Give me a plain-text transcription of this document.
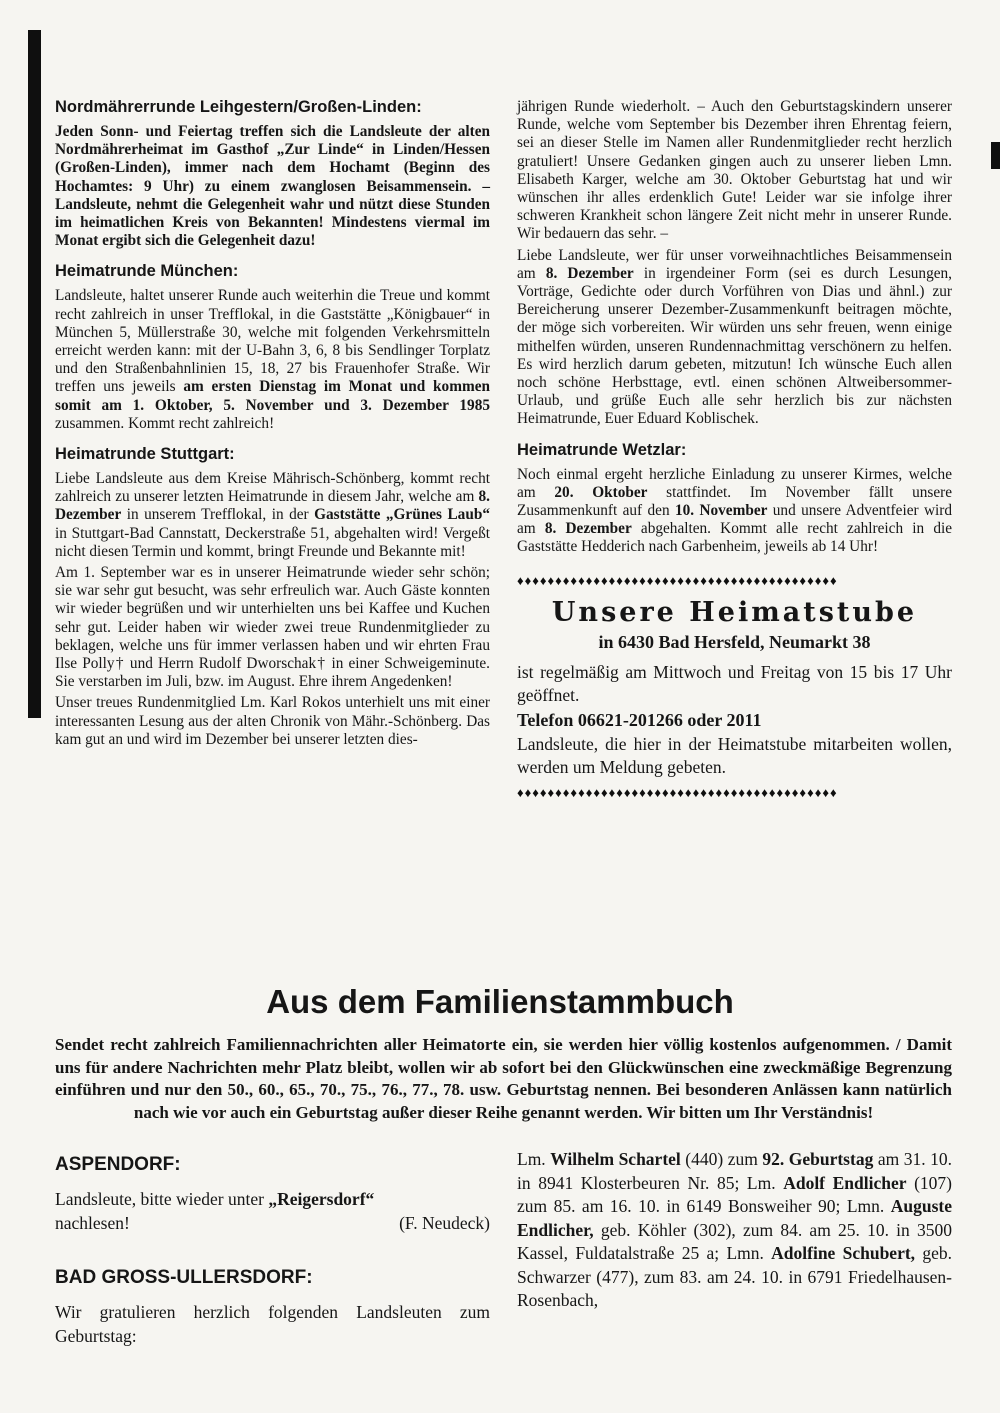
Nordmährerrunde Leihgestern/Großen-Linden:

Jeden Sonn- und Feiertag treffen sich die Landsleute der alten Nordmährerheimat im Gasthof „Zur Linde“ in Linden/Hessen (Großen-Linden), immer nach dem Hochamt (Beginn des Hochamtes: 9 Uhr) zu einem zwanglosen Beisammensein. – Landsleute, nehmt die Gelegenheit wahr und nützt diese Stunden im heimatlichen Kreis von Bekannten! Mindestens viermal im Monat ergibt sich die Gelegenheit dazu!

Heimatrunde München:

Landsleute, haltet unserer Runde auch weiterhin die Treue und kommt recht zahlreich in unser Trefflokal, in die Gaststätte „Königbauer“ in München 5, Müllerstraße 30, welche mit folgenden Verkehrsmitteln erreicht werden kann: mit der U-Bahn 3, 6, 8 bis Sendlinger Torplatz und den Straßenbahnlinien 15, 18, 27 bis Frauenhofer Straße. Wir treffen uns jeweils am ersten Dienstag im Monat und kommen somit am 1. Oktober, 5. November und 3. Dezember 1985 zusammen. Kommt recht zahlreich!

Heimatrunde Stuttgart:

Liebe Landsleute aus dem Kreise Mährisch-Schönberg, kommt recht zahlreich zu unserer letzten Heimatrunde in diesem Jahr, welche am 8. Dezember in unserem Trefflokal, in der Gaststätte „Grünes Laub“ in Stuttgart-Bad Cannstatt, Deckerstraße 51, abgehalten wird! Vergeßt nicht diesen Termin und kommt, bringt Freunde und Bekannte mit!

Am 1. September war es in unserer Heimatrunde wieder sehr schön; sie war sehr gut besucht, was sehr erfreulich war. Auch Gäste konnten wir wieder begrüßen und wir unterhielten uns bei Kaffee und Kuchen sehr gut. Leider haben wir wieder zwei treue Rundenmitglieder zu beklagen, welche uns für immer verlassen haben und wir ehrten Frau Ilse Polly† und Herrn Rudolf Dworschak† in einer Schweigeminute. Sie verstarben im Juli, bzw. im August. Ehre ihrem Angedenken!

Unser treues Rundenmitglied Lm. Karl Rokos unterhielt uns mit einer interessanten Lesung aus der alten Chronik von Mähr.-Schönberg. Das kam gut an und wird im Dezember bei unserer letzten dies-

jährigen Runde wiederholt. – Auch den Geburtstagskindern unserer Runde, welche vom September bis Dezember ihren Ehrentag feiern, sei an dieser Stelle im Namen aller Rundenmitglieder recht herzlich gratuliert! Unsere Gedanken gingen auch zu unserer lieben Lmn. Elisabeth Karger, welche am 30. Oktober Geburtstag hat und wir wünschen ihr alles erdenklich Gute! Leider war sie infolge ihrer schweren Krankheit schon längere Zeit nicht mehr in unserer Runde. Wir bedauern das sehr. –

Liebe Landsleute, wer für unser vorweihnachtliches Beisammensein am 8. Dezember in irgendeiner Form (sei es durch Lesungen, Vorträge, Gedichte oder durch Vorführen von Dias und ähnl.) zur Bereicherung unserer Dezember-Zusammenkunft beitragen möchte, der möge sich vorbereiten. Wir würden uns sehr freuen, wenn einige mithelfen würden, unseren Rundennachmittag verschönern zu helfen. Es wird herzlich darum gebeten, mitzutun! Ich wünsche Euch allen noch schöne Herbsttage, evtl. einen schönen Altweibersommer-Urlaub, und grüße Euch alle sehr herzlich bis zur nächsten Heimatrunde, Euer Eduard Koblischek.

Heimatrunde Wetzlar:

Noch einmal ergeht herzliche Einladung zu unserer Kirmes, welche am 20. Oktober stattfindet. Im November fällt unsere Zusammenkunft auf den 10. November und unsere Adventfeier wird am 8. Dezember abgehalten. Kommt alle recht zahlreich in die Gaststätte Hedderich nach Garbenheim, jeweils ab 14 Uhr!

♦♦♦♦♦♦♦♦♦♦♦♦♦♦♦♦♦♦♦♦♦♦♦♦♦♦♦♦♦♦♦♦♦♦♦♦♦♦♦♦♦♦
Unsere Heimatstube
in 6430 Bad Hersfeld, Neumarkt 38

ist regelmäßig am Mittwoch und Freitag von 15 bis 17 Uhr geöffnet.

Telefon 06621-201266 oder 2011

Landsleute, die hier in der Heimatstube mitarbeiten wollen, werden um Meldung gebeten.

♦♦♦♦♦♦♦♦♦♦♦♦♦♦♦♦♦♦♦♦♦♦♦♦♦♦♦♦♦♦♦♦♦♦♦♦♦♦♦♦♦♦
Aus dem Familienstammbuch

Sendet recht zahlreich Familiennachrichten aller Heimatorte ein, sie werden hier völlig kostenlos aufgenommen. / Damit uns für andere Nachrichten mehr Platz bleibt, wollen wir ab sofort bei den Glückwünschen eine zweckmäßige Begrenzung einführen und nur den 50., 60., 65., 70., 75., 76., 77., 78. usw. Geburtstag nennen. Bei besonderen Anlässen kann natürlich nach wie vor auch ein Geburtstag außer dieser Reihe genannt werden. Wir bitten um Ihr Verständnis!

ASPENDORF:

Landsleute, bitte wieder unter „Reigersdorf“

nachlesen!	(F. Neudeck)
BAD GROSS-ULLERSDORF:

Wir gratulieren herzlich folgenden Landsleuten zum Geburtstag:

Lm. Wilhelm Schartel (440) zum 92. Geburtstag am 31. 10. in 8941 Klosterbeuren Nr. 85; Lm. Adolf Endlicher (107) zum 85. am 16. 10. in 6149 Bonsweiher 90; Lmn. Auguste Endlicher, geb. Köhler (302), zum 84. am 25. 10. in 3500 Kassel, Fuldatalstraße 25 a; Lmn. Adolfine Schubert, geb. Schwarzer (477), zum 83. am 24. 10. in 6791 Friedelhausen-Rosenbach,
